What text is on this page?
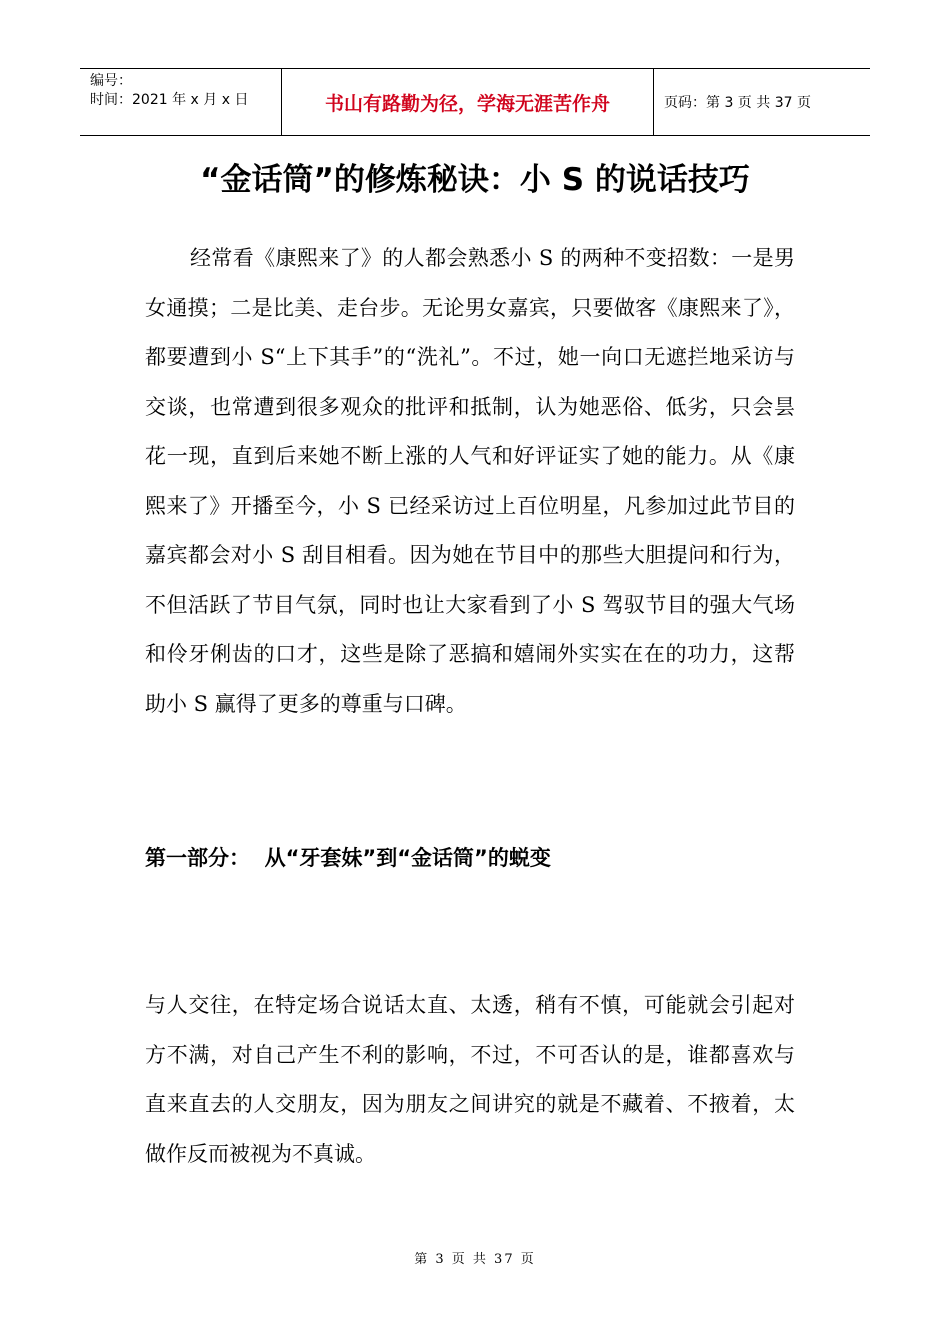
编号：
时间：2021 年 x 月 x 日	书山有路勤为径，学海无涯苦作舟	页码：第 3 页 共 37 页
“金话筒”的修炼秘诀：小 S 的说话技巧
经常看《康熙来了》的人都会熟悉小 S 的两种不变招数：一是男女通摸；二是比美、走台步。无论男女嘉宾，只要做客《康熙来了》，都要遭到小 S“上下其手”的“洗礼”。不过，她一向口无遮拦地采访与交谈，也常遭到很多观众的批评和抵制，认为她恶俗、低劣，只会昙花一现，直到后来她不断上涨的人气和好评证实了她的能力。从《康熙来了》开播至今，小 S 已经采访过上百位明星，凡参加过此节目的嘉宾都会对小 S 刮目相看。因为她在节目中的那些大胆提问和行为，不但活跃了节目气氛，同时也让大家看到了小 S 驾驭节目的强大气场和伶牙俐齿的口才，这些是除了恶搞和嬉闹外实实在在的功力，这帮助小 S 赢得了更多的尊重与口碑。
第一部分：  从“牙套妹”到“金话筒”的蜕变
与人交往，在特定场合说话太直、太透，稍有不慎，可能就会引起对方不满，对自己产生不利的影响，不过，不可否认的是，谁都喜欢与直来直去的人交朋友，因为朋友之间讲究的就是不藏着、不掖着，太做作反而被视为不真诚。
第 3 页 共 37 页
